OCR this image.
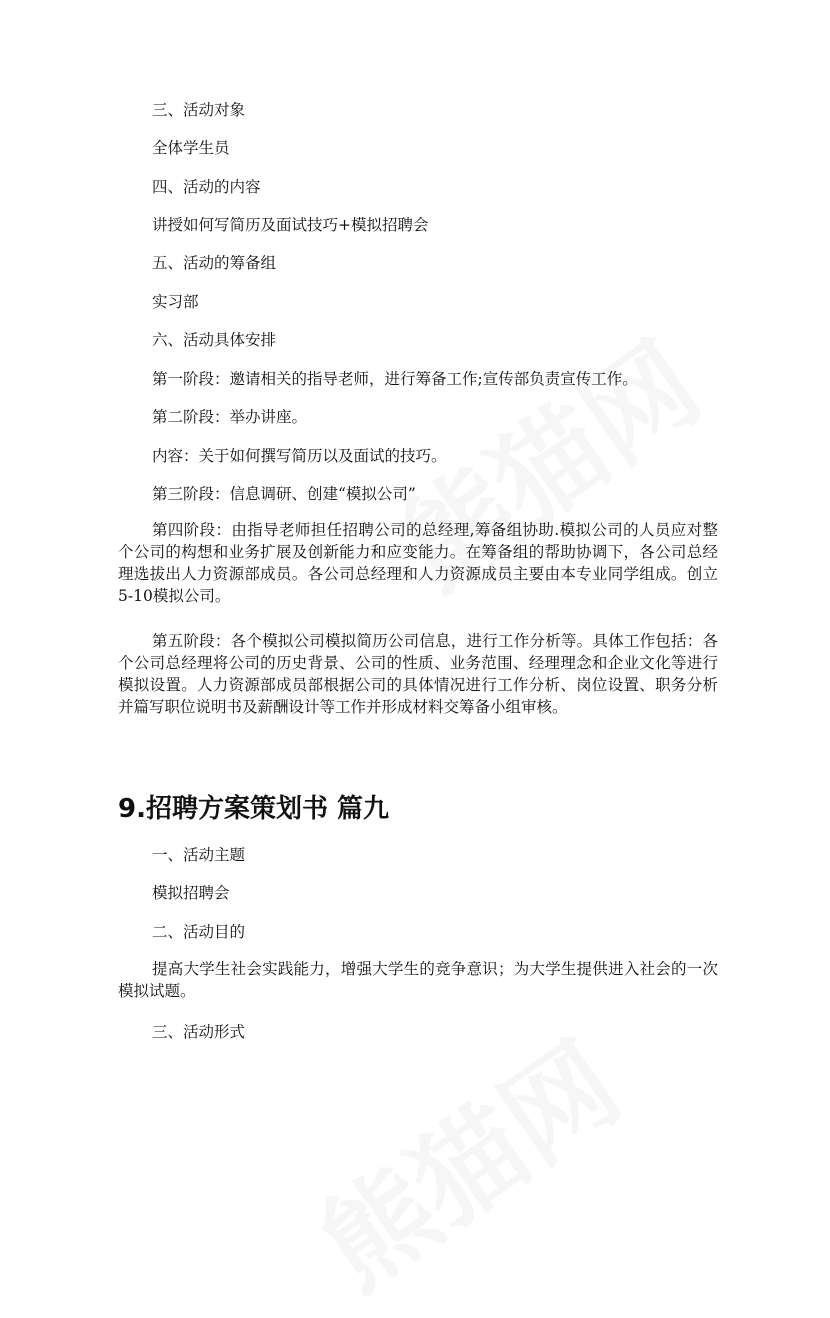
三、活动对象

全体学生员

四、活动的内容

讲授如何写简历及面试技巧+模拟招聘会

五、活动的筹备组

实习部

六、活动具体安排

第一阶段：邀请相关的指导老师，进行筹备工作;宣传部负责宣传工作。

第二阶段：举办讲座。

内容：关于如何撰写简历以及面试的技巧。

第三阶段：信息调研、创建“模拟公司”

第四阶段：由指导老师担任招聘公司的总经理,筹备组协助.模拟公司的人员应对整个公司的构想和业务扩展及创新能力和应变能力。在筹备组的帮助协调下，各公司总经理选拔出人力资源部成员。各公司总经理和人力资源成员主要由本专业同学组成。创立5-10模拟公司。

第五阶段：各个模拟公司模拟简历公司信息，进行工作分析等。具体工作包括：各个公司总经理将公司的历史背景、公司的性质、业务范围、经理理念和企业文化等进行模拟设置。人力资源部成员部根据公司的具体情况进行工作分析、岗位设置、职务分析并篇写职位说明书及薪酬设计等工作并形成材料交筹备小组审核。

9.招聘方案策划书 篇九

一、活动主题

模拟招聘会

二、活动目的

提高大学生社会实践能力，增强大学生的竞争意识；为大学生提供进入社会的一次模拟试题。

三、活动形式
